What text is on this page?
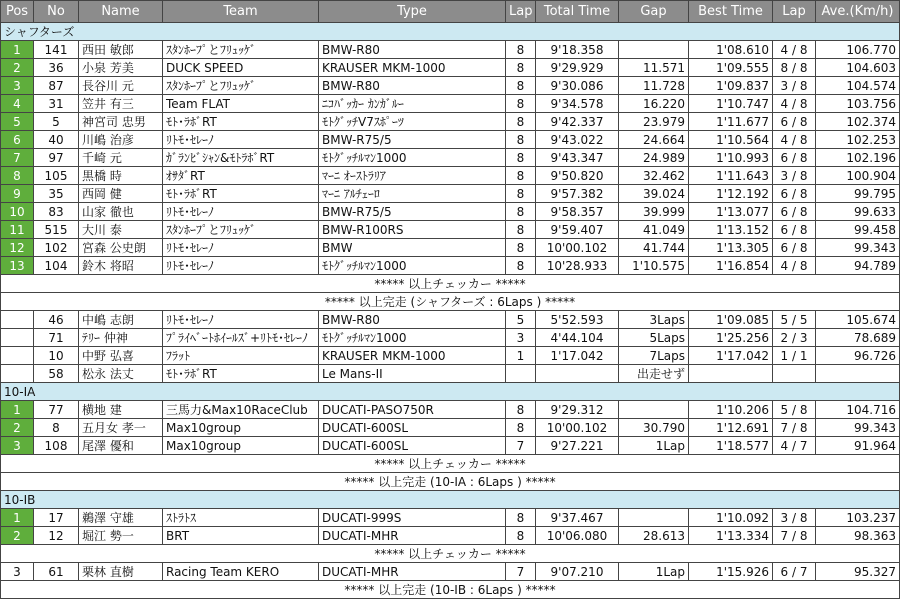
Pos	No	Name	Team	Type	Lap	Total Time	Gap	Best Time	Lap	Ave.(Km/h)
シャフターズ										
1	141	西田 敏郎	ｽﾀﾝﾎｰﾌﾟとﾌﾘｭｯｹﾞ	BMW-R80	8	9'18.358		1'08.610	4 / 8	106.770
2	36	小泉 芳美	DUCK SPEED	KRAUSER MKM-1000	8	9'29.929	11.571	1'09.555	8 / 8	104.603
3	87	長谷川 元	ｽﾀﾝﾎｰﾌﾟとﾌﾘｭｯｹﾞ	BMW-R80	8	9'30.086	11.728	1'09.837	3 / 8	104.574
4	31	笠井 有三	Team FLAT	ﾆｺﾊﾞｯｶｰ ｶﾝｶﾞﾙｰ	8	9'34.578	16.220	1'10.747	4 / 8	103.756
5	5	神宮司 忠男	ﾓﾄ･ﾗﾎﾞRT	ﾓﾄｸﾞｯﾁV7ｽﾎﾟｰﾂ	8	9'42.337	23.979	1'11.677	6 / 8	102.374
6	40	川嶋 治彦	ﾘﾄﾓ･ｾﾚｰﾉ	BMW-R75/5	8	9'43.022	24.664	1'10.564	4 / 8	102.253
7	97	千崎 元	ｶﾞﾗﾝﾋﾞｼｬﾝ&ﾓﾄﾗﾎﾞRT	ﾓﾄｸﾞｯﾁﾙﾏﾝ1000	8	9'43.347	24.989	1'10.993	6 / 8	102.196
8	105	黒橋 時	ｵｻﾀﾞRT	ﾏｰﾆ ｵｰｽﾄﾗﾘｱ	8	9'50.820	32.462	1'11.643	3 / 8	100.904
9	35	西岡 健	ﾓﾄ･ﾗﾎﾞRT	ﾏｰﾆ ｱﾙﾁｪｰﾛ	8	9'57.382	39.024	1'12.192	6 / 8	99.795
10	83	山家 徹也	ﾘﾄﾓ･ｾﾚｰﾉ	BMW-R75/5	8	9'58.357	39.999	1'13.077	6 / 8	99.633
11	515	大川 泰	ｽﾀﾝﾎｰﾌﾟとﾌﾘｭｯｹﾞ	BMW-R100RS	8	9'59.407	41.049	1'13.152	6 / 8	99.458
12	102	宮森 公史朗	ﾘﾄﾓ･ｾﾚｰﾉ	BMW	8	10'00.102	41.744	1'13.305	6 / 8	99.343
13	104	鈴木 将昭	ﾘﾄﾓ･ｾﾚｰﾉ	ﾓﾄｸﾞｯﾁﾙﾏﾝ1000	8	10'28.933	1'10.575	1'16.854	4 / 8	94.789
***** 以上チェッカー *****										
***** 以上完走 (シャフターズ : 6Laps ) *****										
	46	中嶋 志朗	ﾘﾄﾓ･ｾﾚｰﾉ	BMW-R80	5	5'52.593	3Laps	1'09.085	5 / 5	105.674
	71	ﾃﾘｰ 仲神	ﾌﾟﾗｲﾍﾞｰﾄﾎｲｰﾙｽﾞ+ﾘﾄﾓ･ｾﾚｰﾉ	ﾓﾄｸﾞｯﾁﾙﾏﾝ1000	3	4'44.104	5Laps	1'25.256	2 / 3	78.689
	10	中野 弘喜	ﾌﾗｯﾄ	KRAUSER MKM-1000	1	1'17.042	7Laps	1'17.042	1 / 1	96.726
	58	松永 法丈	ﾓﾄ･ﾗﾎﾞRT	Le Mans-II			出走せず			
10-IA										
1	77	横地 建	三馬力&Max10RaceClub	DUCATI-PASO750R	8	9'29.312		1'10.206	5 / 8	104.716
2	8	五月女 孝一	Max10group	DUCATI-600SL	8	10'00.102	30.790	1'12.691	7 / 8	99.343
3	108	尾澤 優和	Max10group	DUCATI-600SL	7	9'27.221	1Lap	1'18.577	4 / 7	91.964
***** 以上チェッカー *****										
***** 以上完走 (10-IA : 6Laps ) *****										
10-IB										
1	17	鵜澤 守雄	ｽﾄﾗﾄｽ	DUCATI-999S	8	9'37.467		1'10.092	3 / 8	103.237
2	12	堀江 勢一	BRT	DUCATI-MHR	8	10'06.080	28.613	1'13.334	7 / 8	98.363
***** 以上チェッカー *****										
3	61	栗林 直樹	Racing Team KERO	DUCATI-MHR	7	9'07.210	1Lap	1'15.926	6 / 7	95.327
***** 以上完走 (10-IB : 6Laps ) *****										
